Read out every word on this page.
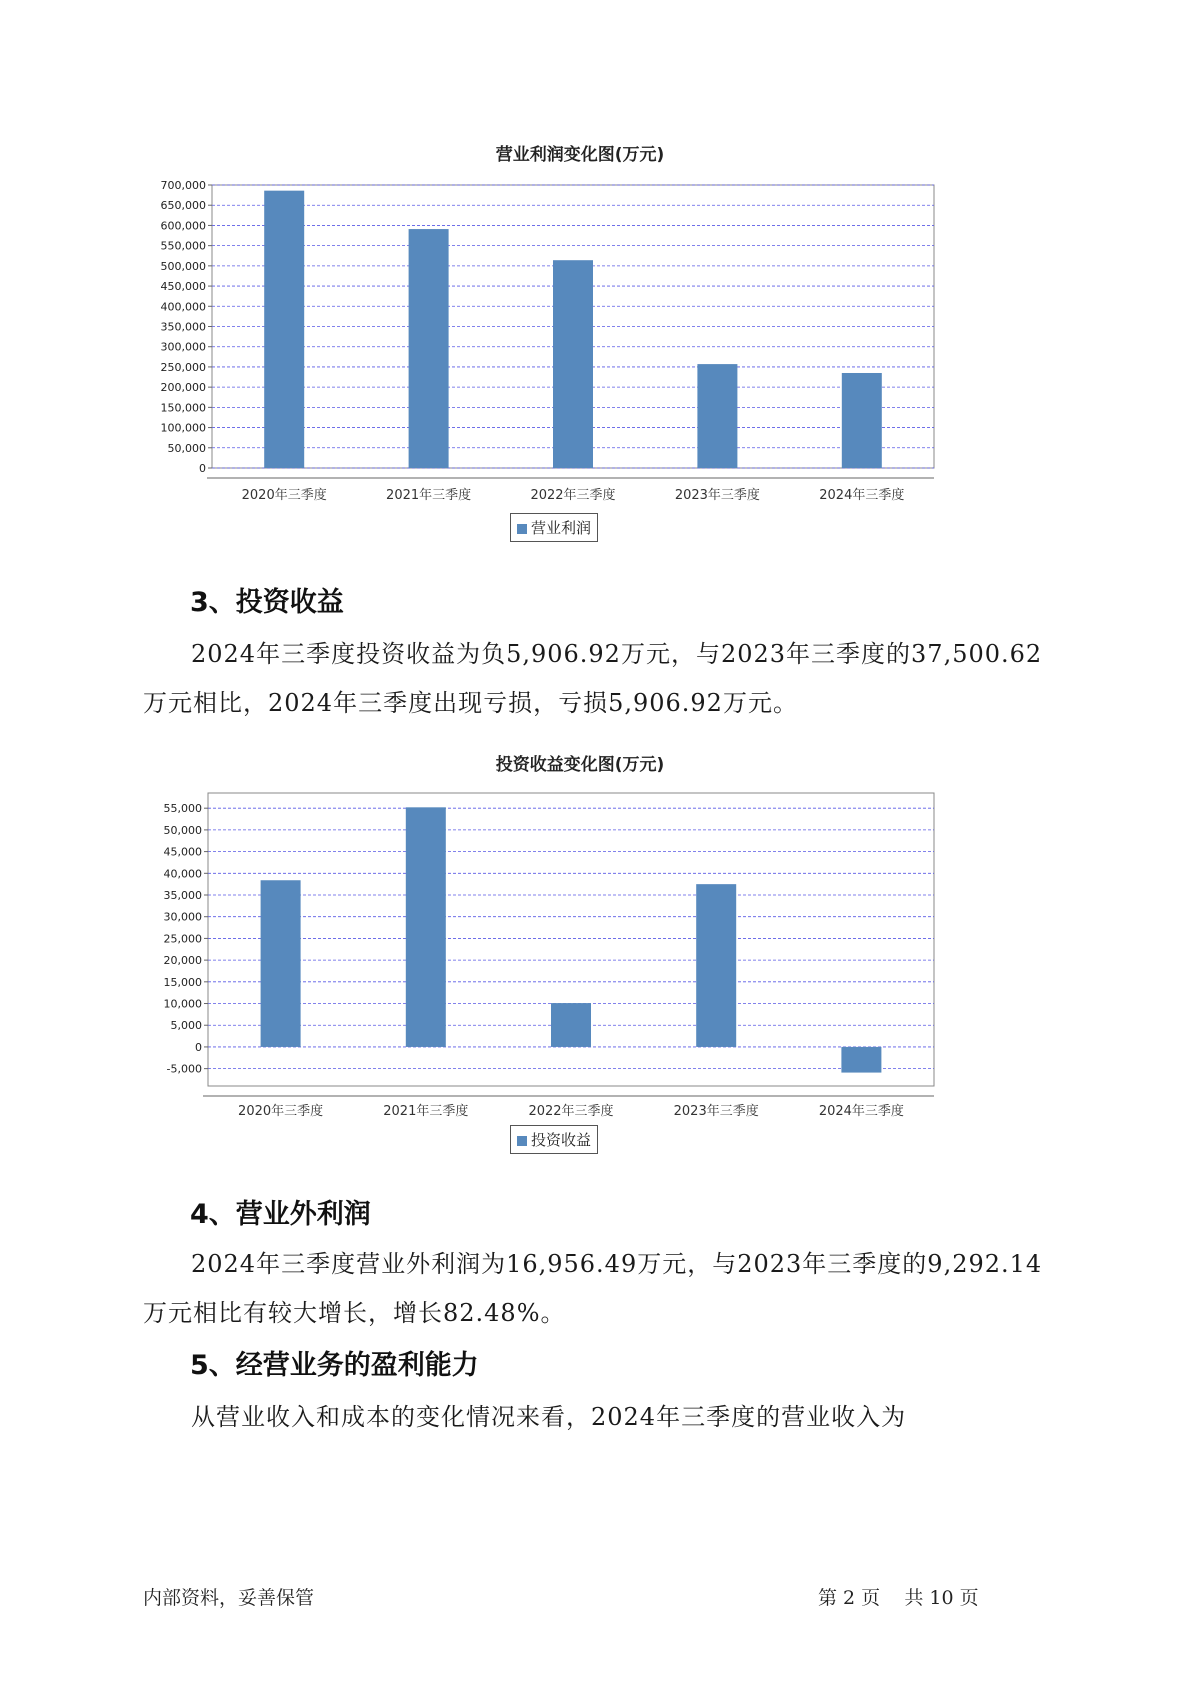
营业利润变化图(万元)
0
50,000
100,000
150,000
200,000
250,000
300,000
350,000
400,000
450,000
500,000
550,000
600,000
650,000
700,000
2020年三季度	2021年三季度	2022年三季度	2023年三季度	2024年三季度
营业利润
3、投资收益
2024年三季度投资收益为负5,906.92万元，与2023年三季度的37,500.62
万元相比，2024年三季度出现亏损，亏损5,906.92万元。
投资收益变化图(万元)
-5,000
0
5,000
10,000
15,000
20,000
25,000
30,000
35,000
40,000
45,000
50,000
55,000
2020年三季度	2021年三季度	2022年三季度	2023年三季度	2024年三季度
投资收益
4、营业外利润
2024年三季度营业外利润为16,956.49万元，与2023年三季度的9,292.14
万元相比有较大增长，增长82.48%。
5、经营业务的盈利能力
从营业收入和成本的变化情况来看，2024年三季度的营业收入为
内部资料，妥善保管	第 2 页    共 10 页
